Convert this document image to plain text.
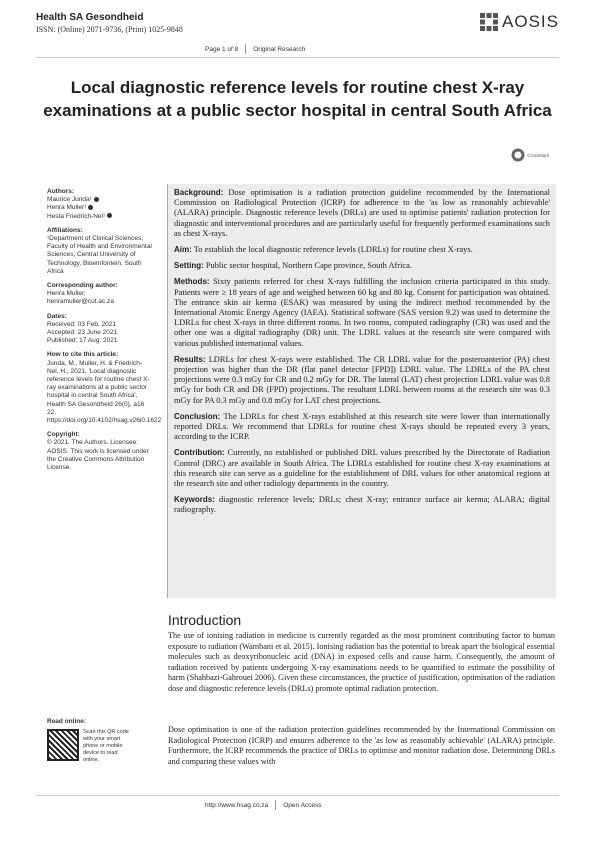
Health SA Gesondheid
ISSN: (Online) 2071-9736, (Print) 1025-9848	AOSIS
Page 1 of 8 Original Research
Local diagnostic reference levels for routine chest X-ray examinations at a public sector hospital in central South Africa
CrossMark
Authors:
Maurice Junda¹
Henra Muller¹
Hesta Friedrich-Nel¹
Affiliations:
¹Department of Clinical Sciences, Faculty of Health and Environmental Sciences, Central University of Technology, Bloemfontein, South Africa
Corresponding author:
Henra Muller, henramuller@cut.ac.za
Dates:
Received: 03 Feb. 2021
Accepted: 23 June 2021
Published: 17 Aug. 2021
How to cite this article:
Junda, M., Muller, H. & Friedrich-Nel, H., 2021, 'Local diagnostic reference levels for routine chest X-ray examinations at a public sector hospital in central South Africa', Health SA Gesondheid 26(0), a16 22. https://doi.org/10.4102/hsag.v26i0.1622
Copyright:
© 2021. The Authors. Licensee: AOSIS. This work is licensed under the Creative Commons Attribution License.

Background: Dose optimisation is a radiation protection guideline recommended by the International Commission on Radiological Protection (ICRP) for adherence to the 'as low as reasonably achievable' (ALARA) principle. Diagnostic reference levels (DRLs) are used to optimise patients' radiation protection for diagnostic and interventional procedures and are particularly useful for frequently performed examinations such as chest X-rays.

Aim: To establish the local diagnostic reference levels (LDRLs) for routine chest X-rays.

Setting: Public sector hospital, Northern Cape province, South Africa.

Methods: Sixty patients referred for chest X-rays fulfilling the inclusion criteria participated in this study. Patients were ≥ 18 years of age and weighed between 60 kg and 80 kg. Consent for participation was obtained. The entrance skin air kerma (ESAK) was measured by using the indirect method recommended by the International Atomic Energy Agency (IAEA). Statistical software (SAS version 9.2) was used to determine the LDRLs for chest X-rays in three different rooms. In two rooms, computed radiography (CR) was used and the other one was a digital radiography (DR) unit. The LDRL values at the research site were compared with various published international values.

Results: LDRLs for chest X-rays were established. The CR LDRL value for the posteroanterior (PA) chest projection was higher than the DR (flat panel detector [FPD]) LDRL value. The LDRLs of the PA chest projections were 0.3 mGy for CR and 0.2 mGy for DR. The lateral (LAT) chest projection LDRL value was 0.8 mGy for both CR and DR (FPD) projections. The resultant LDRL between rooms at the research site was 0.3 mGy for PA 0.3 mGy and 0.8 mGy for LAT chest projections.

Conclusion: The LDRLs for chest X-rays established at this research site were lower than internationally reported DRLs. We recommend that LDRLs for routine chest X-rays should be repeated every 3 years, according to the ICRP.

Contribution: Currently, no established or published DRL values prescribed by the Directorate of Radiation Control (DRC) are available in South Africa. The LDRLs established for routine chest X-ray examinations at this research site can serve as a guideline for the establishment of DRL values for other anatomical regions at the research site and other radiology departments in the country.

Keywords: diagnostic reference levels; DRLs; chest X-ray; entrance surface air kerma; ALARA; digital radiography.

Introduction
The use of ionising radiation in medicine is currently regarded as the most prominent contributing factor to human exposure to radiation (Wambani et al. 2015). Ionising radiation has the potential to break apart the biological essential molecules such as deoxyribonucleic acid (DNA) in exposed cells and cause harm. Consequently, the amount of radiation received by patients undergoing X-ray examinations needs to be quantified to estimate the possibility of harm (Shahbazi-Gahrouei 2006). Given these circumstances, the practice of justification, optimisation of the radiation dose and diagnostic reference levels (DRLs) promote optimal radiation protection.
Dose optimisation is one of the radiation protection guidelines recommended by the International Commission on Radiological Protection (ICRP) and ensures adherence to the 'as low as reasonably achievable' (ALARA) principle. Furthermore, the ICRP recommends the practice of DRLs to optimise and monitor radiation dose. Determining DRLs and comparing these values with
Read online:
Scan this QR code with your smart phone or mobile device to read online.
http://www.hsag.co.za Open Access
